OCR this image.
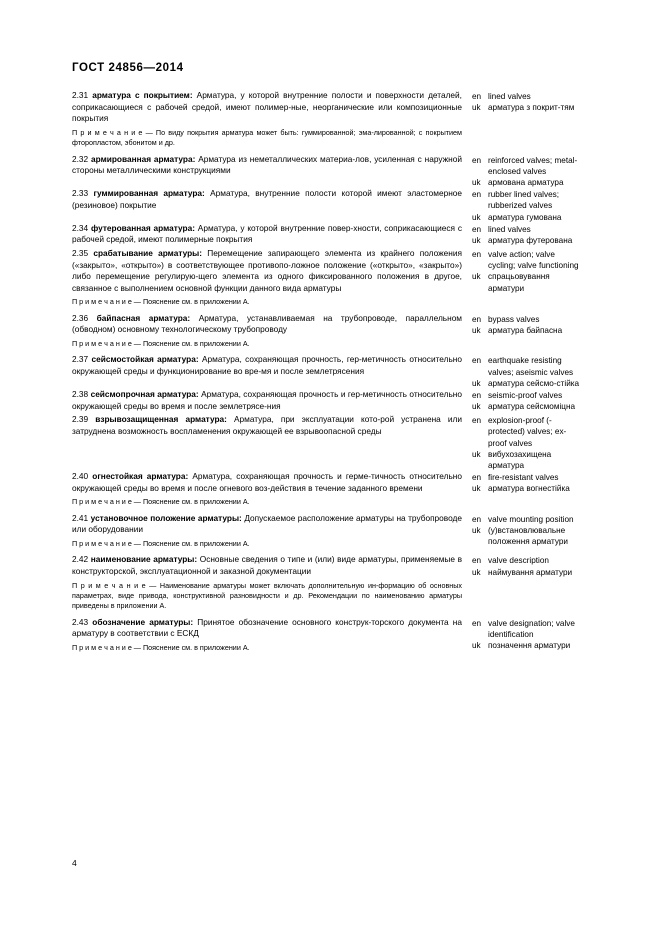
ГОСТ 24856—2014

2.31 арматура с покрытием: Арматура, у которой внутренние полости и поверхности деталей, соприкасающиеся с рабочей средой, имеют полимер-ные, неорганические или композиционные покрытия

П р и м е ч а н и е — По виду покрытия арматура может быть: гуммированной; эма-лированной; с покрытием фторопластом, эбонитом и др.

en lined valves
uk арматура з покрит-тям

2.32 армированная арматура: Арматура из неметаллических материа-лов, усиленная с наружной стороны металлическими конструкциями

en reinforced valves; metal-enclosed valves
uk армована арматура

2.33 гуммированная арматура: Арматура, внутренние полости которой имеют эластомерное (резиновое) покрытие

en rubber lined valves; rubberized valves
uk арматура гумована

2.34 футерованная арматура: Арматура, у которой внутренние повер-хности, соприкасающиеся с рабочей средой, имеют полимерные покрытия

en lined valves
uk арматура футерована

2.35 срабатывание арматуры: Перемещение запирающего элемента из крайнего положения («закрыто», «открыто») в соответствующее противопо-ложное положение («открыто», «закрыто») либо перемещение регулирую-щего элемента из одного фиксированного положения в другое, связанное с выполнением основной функции данного вида арматуры

П р и м е ч а н и е — Пояснение см. в приложении А.

en valve action; valve cycling; valve functioning
uk спрацьовування арматури

2.36 байпасная арматура: Арматура, устанавливаемая на трубопроводе, параллельном (обводном) основному технологическому трубопроводу

П р и м е ч а н и е — Пояснение см. в приложении А.

en bypass valves
uk арматура байпасна

2.37 сейсмостойкая арматура: Арматура, сохраняющая прочность, гер-метичность относительно окружающей среды и функционирование во вре-мя и после землетрясения

en earthquake resisting valves; aseismic valves
uk арматура сейсмо-стійка

2.38 сейсмопрочная арматура: Арматура, сохраняющая прочность и гер-метичность относительно окружающей среды во время и после землетрясе-ния

en seismic-proof valves
uk арматура сейсмоміцна

2.39 взрывозащищенная арматура: Арматура, при эксплуатации кото-рой устранена или затруднена возможность воспламенения окружающей ее взрывоопасной среды

en explosion-proof (-protected) valves; ex-proof valves
uk вибухозахищена арматура

2.40 огнестойкая арматура: Арматура, сохраняющая прочность и герме-тичность относительно окружающей среды во время и после огневого воз-действия в течение заданного времени

П р и м е ч а н и е — Пояснение см. в приложении А.

en fire-resistant valves
uk арматура вогнестійка

2.41 установочное положение арматуры: Допускаемое расположение арматуры на трубопроводе или оборудовании

П р и м е ч а н и е — Пояснение см. в приложении А.

en valve mounting position
uk (у)встановлювальне положення арматури

2.42 наименование арматуры: Основные сведения о типе и (или) виде арматуры, применяемые в конструкторской, эксплуатационной и заказной документации

П р и м е ч а н и е — Наименование арматуры может включать дополнительную ин-формацию об основных параметрах, виде привода, конструктивной разновидности и др. Рекомендации по наименованию арматуры приведены в приложении А.

en valve description
uk наймування арматури

2.43 обозначение арматуры: Принятое обозначение основного конструк-торского документа на арматуру в соответствии с ЕСКД

П р и м е ч а н и е — Пояснение см. в приложении А.

en valve designation; valve identification
uk позначення арматури
4
